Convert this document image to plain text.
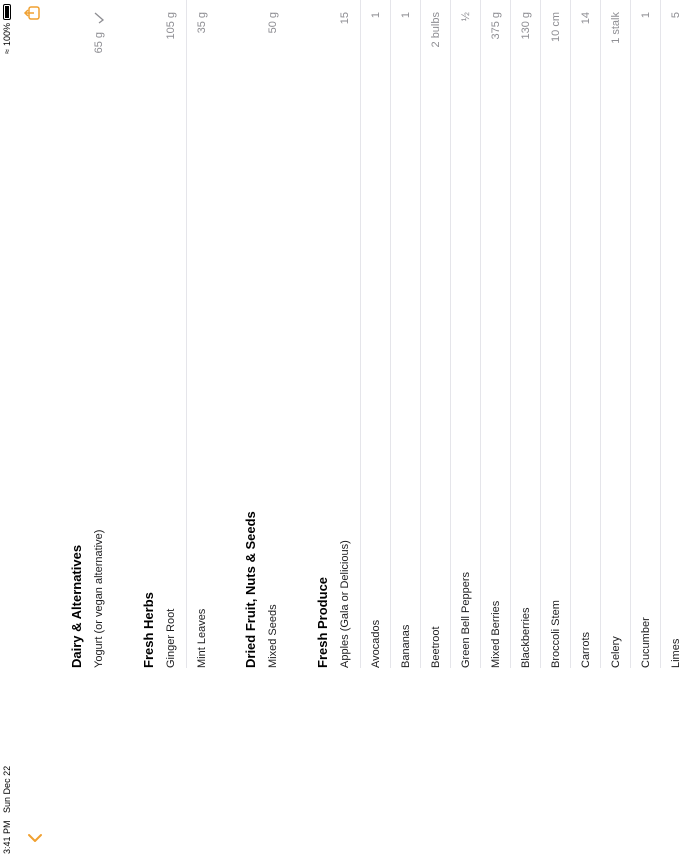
3:41 PM   Sun Dec 22
≈
100%
Dairy & Alternatives Yogurt (or vegan alternative)
65 g
Fresh Herbs Ginger Root
105 g
Mint Leaves
35 g
Dried Fruit, Nuts & Seeds Mixed Seeds
50 g
Fresh Produce Apples (Gala or Delicious)
15
Avocados
1
Bananas
1
Beetroot
2 bulbs
Green Bell Peppers
½
Mixed Berries
375 g
Blackberries
130 g
Broccoli Stem
10 cm
Carrots
14
Celery
1 stalk
Cucumber
1
Limes
5
